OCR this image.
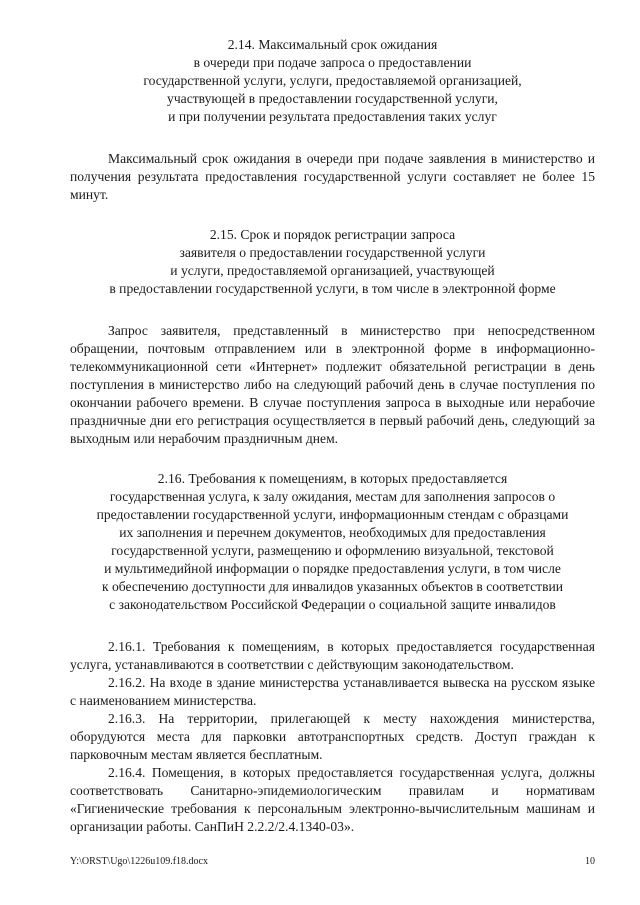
2.14. Максимальный срок ожидания
в очереди при подаче запроса о предоставлении
государственной услуги, услуги, предоставляемой организацией,
участвующей в предоставлении государственной услуги,
и при получении результата предоставления таких услуг

Максимальный срок ожидания в очереди при подаче заявления в министерство и получения результата предоставления государственной услуги составляет не более 15 минут.

2.15. Срок и порядок регистрации запроса
заявителя о предоставлении государственной услуги
и услуги, предоставляемой организацией, участвующей
в предоставлении государственной услуги, в том числе в электронной форме

Запрос заявителя, представленный в министерство при непосредственном обращении, почтовым отправлением или в электронной форме в информационно-телекоммуникационной сети «Интернет» подлежит обязательной регистрации в день поступления в министерство либо на следующий рабочий день в случае поступления по окончании рабочего времени. В случае поступления запроса в выходные или нерабочие праздничные дни его регистрация осуществляется в первый рабочий день, следующий за выходным или нерабочим праздничным днем.

2.16. Требования к помещениям, в которых предоставляется
государственная услуга, к залу ожидания, местам для заполнения запросов о
предоставлении государственной услуги, информационным стендам с образцами
их заполнения и перечнем документов, необходимых для предоставления
государственной услуги, размещению и оформлению визуальной, текстовой
и мультимедийной информации о порядке предоставления услуги, в том числе
к обеспечению доступности для инвалидов указанных объектов в соответствии
с законодательством Российской Федерации о социальной защите инвалидов

2.16.1. Требования к помещениям, в которых предоставляется государственная услуга, устанавливаются в соответствии с действующим законодательством.

2.16.2. На входе в здание министерства устанавливается вывеска на русском языке с наименованием министерства.

2.16.3. На территории, прилегающей к месту нахождения министерства, оборудуются места для парковки автотранспортных средств. Доступ граждан к парковочным местам является бесплатным.

2.16.4. Помещения, в которых предоставляется государственная услуга, должны соответствовать Санитарно-эпидемиологическим правилам и нормативам «Гигиенические требования к персональным электронно-вычислительным машинам и организации работы. СанПиН 2.2.2/2.4.1340-03».

Y:\ORST\Ugo\1226u109.f18.docx	10
